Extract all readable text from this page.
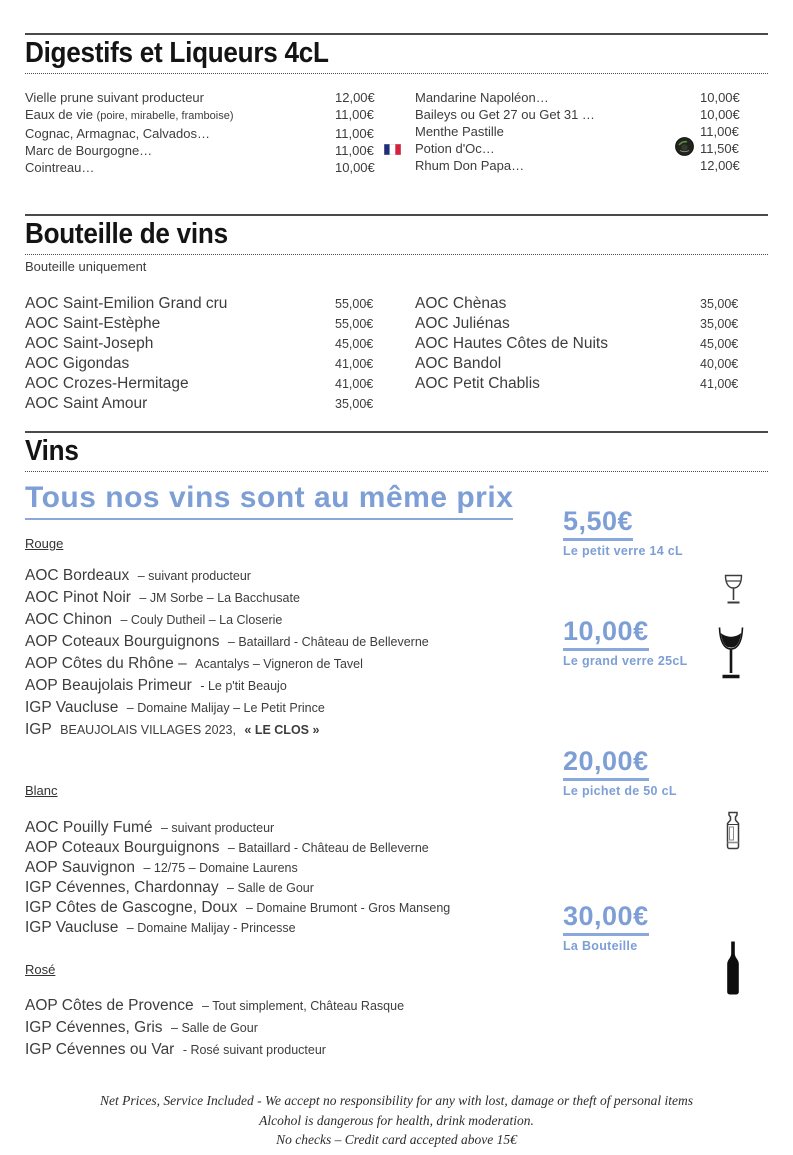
Digestifs et Liqueurs 4cL
Vielle prune suivant producteur	12,00€
Eaux de vie (poire, mirabelle, framboise)	11,00€
Cognac, Armagnac, Calvados…	11,00€
Marc de Bourgogne…	11,00€
Cointreau…	10,00€
Mandarine Napoléon…	10,00€
Baileys ou Get 27 ou Get 31 …	10,00€
Menthe Pastille	11,00€
Potion d'Oc…	11,50€
Rhum Don Papa…	12,00€
Bouteille de vins
Bouteille uniquement
AOC Saint-Emilion Grand cru	55,00€
AOC Saint-Estèphe	55,00€
AOC Saint-Joseph	45,00€
AOC Gigondas	41,00€
AOC Crozes-Hermitage	41,00€
AOC Saint Amour	35,00€
AOC Chènas	35,00€
AOC Juliénas	35,00€
AOC Hautes Côtes de Nuits	45,00€
AOC Bandol	40,00€
AOC Petit Chablis	41,00€
Vins
Tous nos vins sont au même prix
5,50€
Le petit verre 14 cL
10,00€
Le grand verre 25cL
20,00€
Le pichet de 50 cL
30,00€
La Bouteille
Rouge
AOC Bordeaux – suivant producteur
AOC Pinot Noir – JM Sorbe – La Bacchusate
AOC Chinon – Couly Dutheil – La Closerie
AOP Coteaux Bourguignons – Bataillard - Château de Belleverne
AOP Côtes du Rhône – Acantalys – Vigneron de Tavel
AOP Beaujolais Primeur - Le p'tit Beaujo
IGP Vaucluse – Domaine Malijay – Le Petit Prince
IGP BEAUJOLAIS VILLAGES 2023, « LE CLOS »
Blanc
AOC Pouilly Fumé – suivant producteur
AOP Coteaux Bourguignons – Bataillard - Château de Belleverne
AOP Sauvignon – 12/75 – Domaine Laurens
IGP Cévennes, Chardonnay – Salle de Gour
IGP Côtes de Gascogne, Doux – Domaine Brumont - Gros Manseng
IGP Vaucluse – Domaine Malijay - Princesse
Rosé
AOP Côtes de Provence – Tout simplement, Château Rasque
IGP Cévennes, Gris – Salle de Gour
IGP Cévennes ou Var - Rosé suivant producteur
Net Prices, Service Included - We accept no responsibility for any with lost, damage or theft of personal items
Alcohol is dangerous for health, drink moderation.
No checks – Credit card accepted above 15€
